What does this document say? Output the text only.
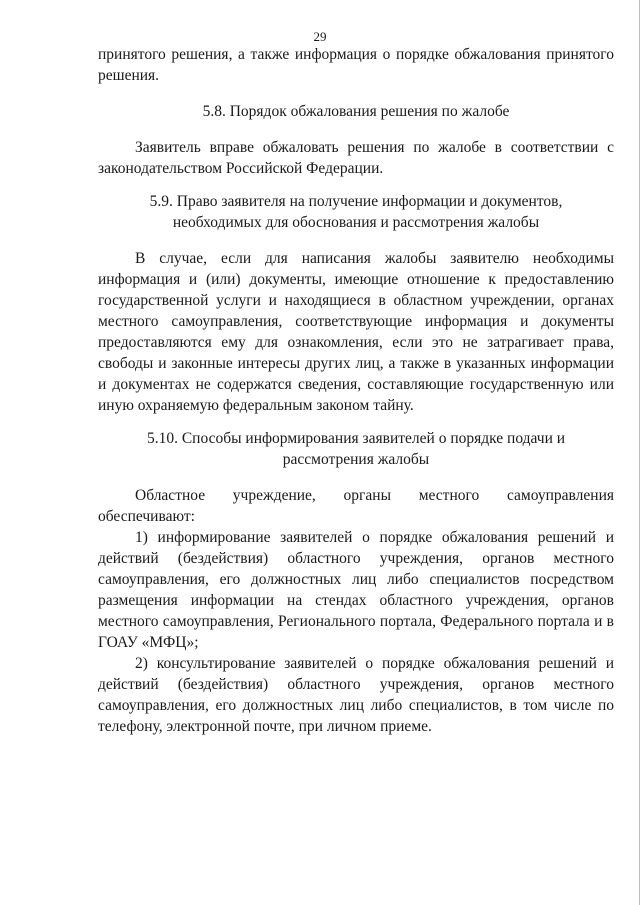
29

принятого решения, а также информация о порядке обжалования принятого решения.

5.8. Порядок обжалования решения по жалобе

Заявитель вправе обжаловать решения по жалобе в соответствии с законодательством Российской Федерации.

5.9. Право заявителя на получение информации и документов,
необходимых для обоснования и рассмотрения жалобы

В случае, если для написания жалобы заявителю необходимы информация и (или) документы, имеющие отношение к предоставлению государственной услуги и находящиеся в областном учреждении, органах местного самоуправления, соответствующие информация и документы предоставляются ему для ознакомления, если это не затрагивает права, свободы и законные интересы других лиц, а также в указанных информации и документах не содержатся сведения, составляющие государственную или иную охраняемую федеральным законом тайну.

5.10. Способы информирования заявителей о порядке подачи и
рассмотрения жалобы

Областное учреждение, органы местного самоуправления обеспечивают:

1) информирование заявителей о порядке обжалования решений и действий (бездействия) областного учреждения, органов местного самоуправления, его должностных лиц либо специалистов посредством размещения информации на стендах областного учреждения, органов местного самоуправления, Регионального портала, Федерального портала и в ГОАУ «МФЦ»;

2) консультирование заявителей о порядке обжалования решений и действий (бездействия) областного учреждения, органов местного самоуправления, его должностных лиц либо специалистов, в том числе по телефону, электронной почте, при личном приеме.
